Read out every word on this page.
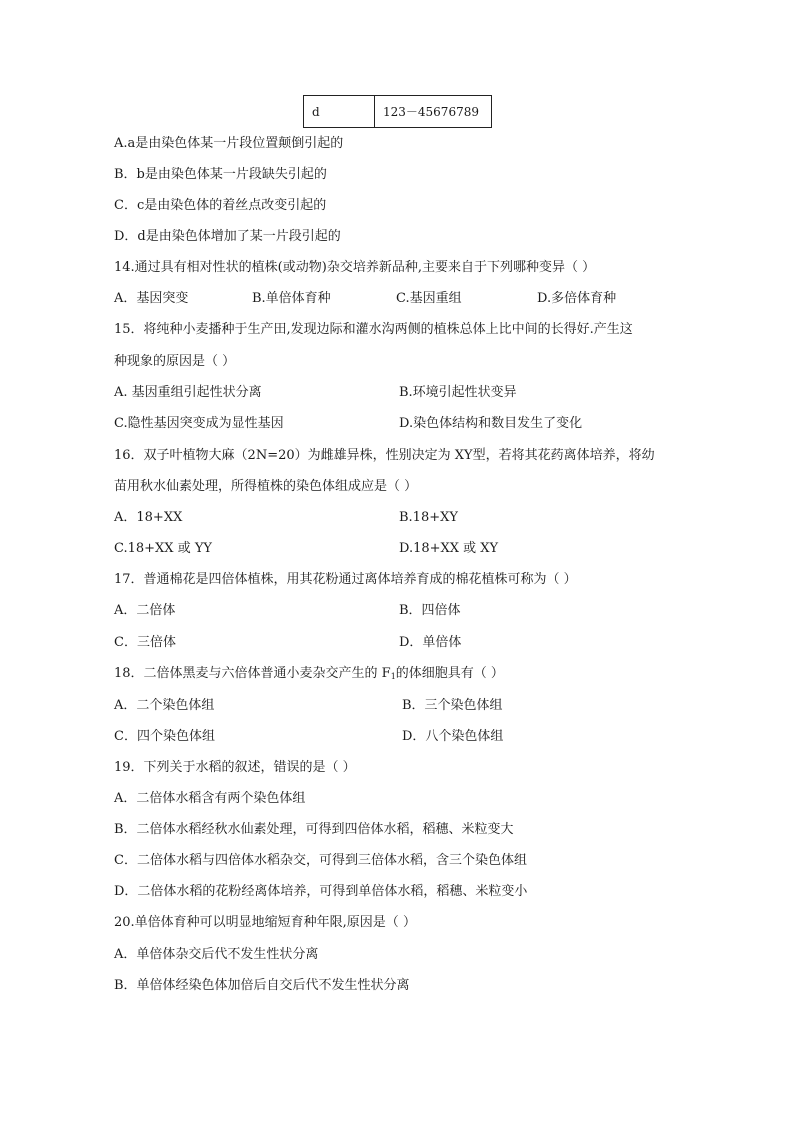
d	123－45676789
A.a是由染色体某一片段位置颠倒引起的
B．b是由染色体某一片段缺失引起的
C．c是由染色体的着丝点改变引起的
D．d是由染色体增加了某一片段引起的
14.通过具有相对性状的植株(或动物)杂交培养新品种,主要来自于下列哪种变异（ ）
A．基因突变	B.单倍体育种	C.基因重组	D.多倍体育种
15．将纯种小麦播种于生产田,发现边际和灌水沟两侧的植株总体上比中间的长得好.产生这
种现象的原因是（ ）
A. 基因重组引起性状分离	B.环境引起性状变异
C.隐性基因突变成为显性基因	D.染色体结构和数目发生了变化
16．双子叶植物大麻（2N=20）为雌雄异株，性别决定为 XY型，若将其花药离体培养，将幼
苗用秋水仙素处理，所得植株的染色体组成应是（ ）
A．18+XX	B.18+XY
C.18+XX 或 YY	D.18+XX 或 XY
17．普通棉花是四倍体植株，用其花粉通过离体培养育成的棉花植株可称为（ ）
A．二倍体	B．四倍体
C．三倍体	D．单倍体
18．二倍体黑麦与六倍体普通小麦杂交产生的 $F_1$的体细胞具有（ ）
A．二个染色体组	B．三个染色体组
C．四个染色体组	D．八个染色体组
19．下列关于水稻的叙述，错误的是（ ）
A．二倍体水稻含有两个染色体组
B．二倍体水稻经秋水仙素处理，可得到四倍体水稻，稻穗、米粒变大
C．二倍体水稻与四倍体水稻杂交，可得到三倍体水稻，含三个染色体组
D．二倍体水稻的花粉经离体培养，可得到单倍体水稻，稻穗、米粒变小
20.单倍体育种可以明显地缩短育种年限,原因是（ ）
A．单倍体杂交后代不发生性状分离
B．单倍体经染色体加倍后自交后代不发生性状分离
